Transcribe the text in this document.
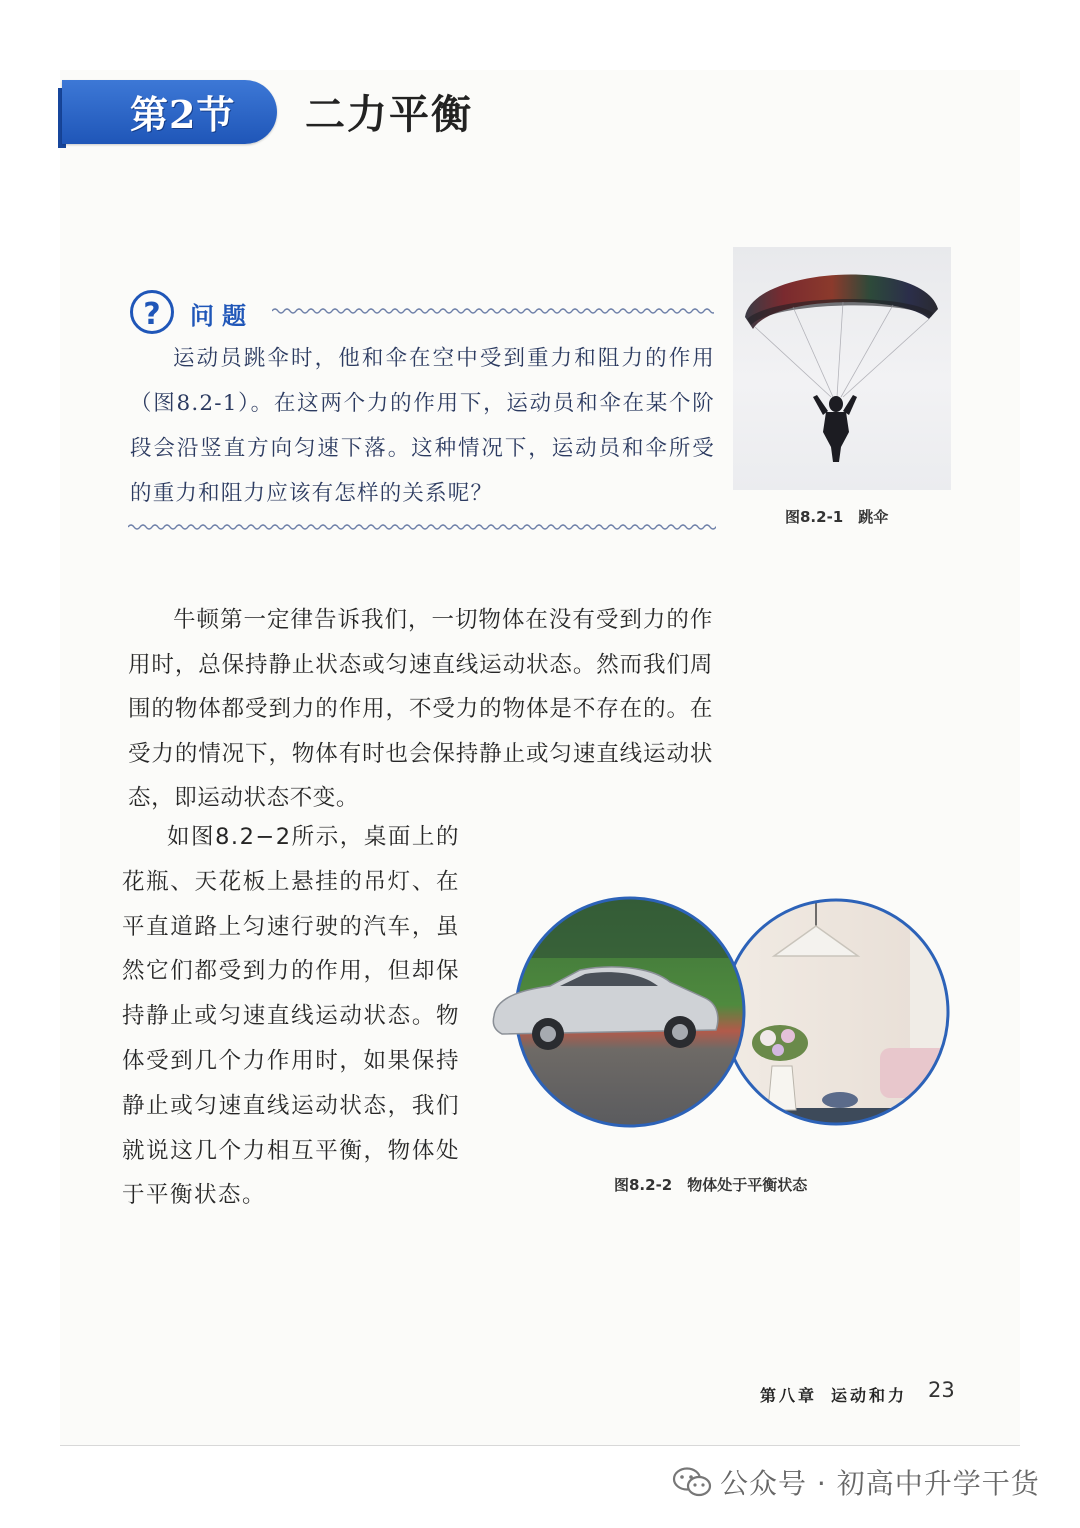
第2节 二力平衡
?	问题
运动员跳伞时，他和伞在空中受到重力和阻力的作用（图8.2-1）。在这两个力的作用下，运动员和伞在某个阶段会沿竖直方向匀速下落。这种情况下，运动员和伞所受的重力和阻力应该有怎样的关系呢？
图8.2-1　跳伞
牛顿第一定律告诉我们，一切物体在没有受到力的作用时，总保持静止状态或匀速直线运动状态。然而我们周围的物体都受到力的作用，不受力的物体是不存在的。在受力的情况下，物体有时也会保持静止或匀速直线运动状态，即运动状态不变。
如图8.2−2所示，桌面上的花瓶、天花板上悬挂的吊灯、在平直道路上匀速行驶的汽车，虽然它们都受到力的作用，但却保持静止或匀速直线运动状态。物体受到几个力作用时，如果保持静止或匀速直线运动状态，我们就说这几个力相互平衡，物体处于平衡状态。	图8.2-2　物体处于平衡状态
第八章 运动和力 23
公众号 · 初高中升学干货
